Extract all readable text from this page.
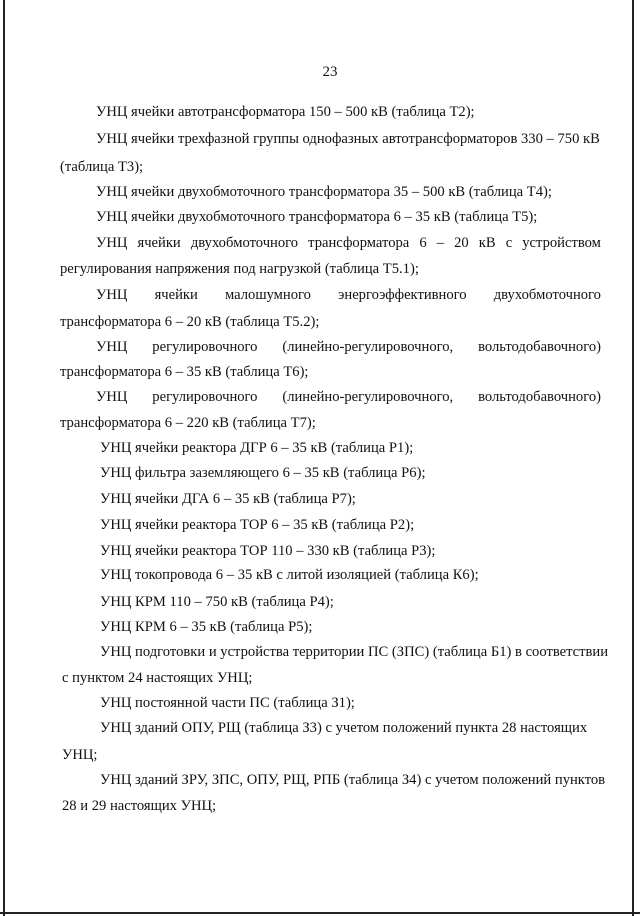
23
УНЦ ячейки автотрансформатора 150 – 500 кВ (таблица Т2);
УНЦ ячейки трехфазной группы однофазных автотрансформаторов 330 – 750 кВ
(таблица Т3);
УНЦ ячейки двухобмоточного трансформатора 35 – 500 кВ (таблица Т4);
УНЦ ячейки двухобмоточного трансформатора 6 – 35 кВ (таблица Т5);
УНЦ ячейки двухобмоточного трансформатора 6 – 20 кВ с устройством
регулирования напряжения под нагрузкой (таблица Т5.1);
УНЦ ячейки малошумного энергоэффективного двухобмоточного
трансформатора 6 – 20 кВ (таблица Т5.2);
УНЦ регулировочного (линейно-регулировочного, вольтодобавочного)
трансформатора 6 – 35 кВ (таблица Т6);
УНЦ регулировочного (линейно-регулировочного, вольтодобавочного)
трансформатора 6 – 220 кВ (таблица Т7);
УНЦ ячейки реактора ДГР 6 – 35 кВ (таблица Р1);
УНЦ фильтра заземляющего 6 – 35 кВ (таблица Р6);
УНЦ ячейки ДГА 6 – 35 кВ (таблица Р7);
УНЦ ячейки реактора ТОР 6 – 35 кВ (таблица Р2);
УНЦ ячейки реактора ТОР 110 – 330 кВ (таблица Р3);
УНЦ токопровода 6 – 35 кВ с литой изоляцией (таблица К6);
УНЦ КРМ 110 – 750 кВ (таблица Р4);
УНЦ КРМ 6 – 35 кВ (таблица Р5);
УНЦ подготовки и устройства территории ПС (ЗПС) (таблица Б1) в соответствии
с пунктом 24 настоящих УНЦ;
УНЦ постоянной части ПС (таблица З1);
УНЦ зданий ОПУ, РЩ (таблица З3) с учетом положений пункта 28 настоящих
УНЦ;
УНЦ зданий ЗРУ, ЗПС, ОПУ, РЩ, РПБ (таблица З4) с учетом положений пунктов
28 и 29 настоящих УНЦ;
